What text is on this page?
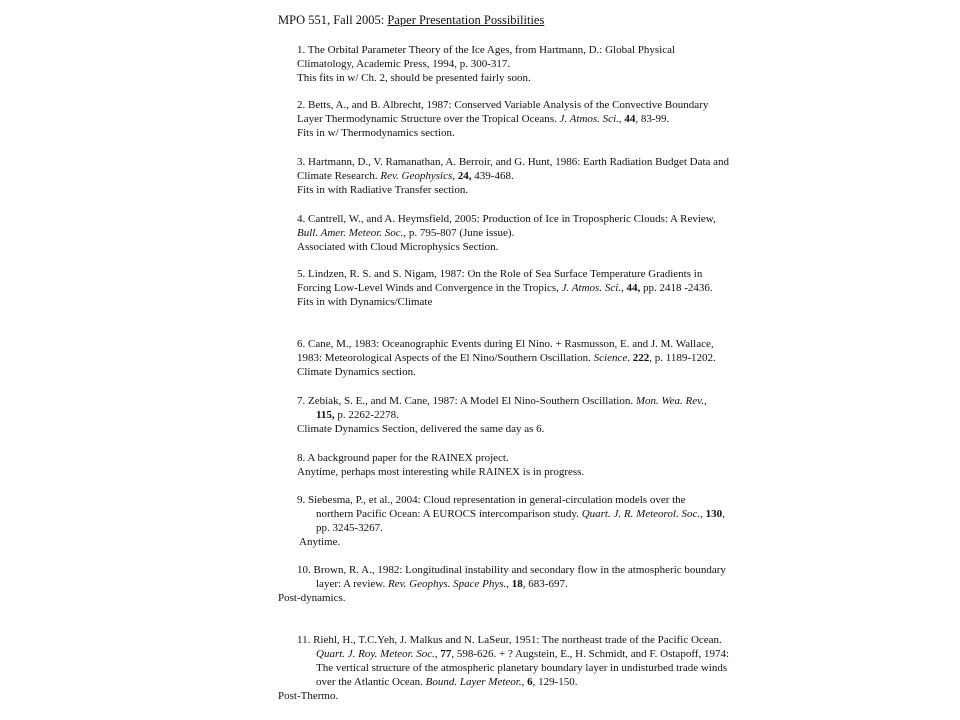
MPO 551, Fall 2005: Paper Presentation Possibilities
1. The Orbital Parameter Theory of the Ice Ages, from Hartmann, D.: Global Physical
Climatology, Academic Press, 1994, p. 300-317.
This fits in w/ Ch. 2, should be presented fairly soon.
2. Betts, A., and B. Albrecht, 1987: Conserved Variable Analysis of the Convective Boundary
Layer Thermodynamic Structure over the Tropical Oceans. J. Atmos. Sci., 44, 83-99.
Fits in w/ Thermodynamics section.
3. Hartmann, D., V. Ramanathan, A. Berroir, and G. Hunt, 1986: Earth Radiation Budget Data and
Climate Research. Rev. Geophysics, 24, 439-468.
Fits in with Radiative Transfer section.
4. Cantrell, W., and A. Heymsfield, 2005: Production of Ice in Tropospheric Clouds: A Review,
Bull. Amer. Meteor. Soc., p. 795-807 (June issue).
Associated with Cloud Microphysics Section.
5. Lindzen, R. S. and S. Nigam, 1987: On the Role of Sea Surface Temperature Gradients in
Forcing Low-Level Winds and Convergence in the Tropics, J. Atmos. Sci., 44, pp. 2418 -2436.
Fits in with Dynamics/Climate
6. Cane, M., 1983: Oceanographic Events during El Nino. + Rasmusson, E. and J. M. Wallace,
1983: Meteorological Aspects of the El Nino/Southern Oscillation. Science. 222, p. 1189-1202.
Climate Dynamics section.
7. Zebiak, S. E., and M. Cane, 1987: A Model El Nino-Southern Oscillation. Mon. Wea. Rev.,
115, p. 2262-2278.
Climate Dynamics Section, delivered the same day as 6.
8. A background paper for the RAINEX project.
Anytime, perhaps most interesting while RAINEX is in progress.
9. Siebesma, P., et al., 2004: Cloud representation in general-circulation models over the
northern Pacific Ocean: A EUROCS intercomparison study. Quart. J. R. Meteorol. Soc., 130,
pp. 3245-3267.
Anytime.
10. Brown, R. A., 1982: Longitudinal instability and secondary flow in the atmospheric boundary
layer: A review. Rev. Geophys. Space Phys., 18, 683-697.
Post-dynamics.
11. Riehl, H., T.C.Yeh, J. Malkus and N. LaSeur, 1951: The northeast trade of the Pacific Ocean.
Quart. J. Roy. Meteor. Soc., 77, 598-626. + ? Augstein, E., H. Schmidt, and F. Ostapoff, 1974:
The vertical structure of the atmospheric planetary boundary layer in undisturbed trade winds
over the Atlantic Ocean. Bound. Layer Meteor., 6, 129-150.
Post-Thermo.
